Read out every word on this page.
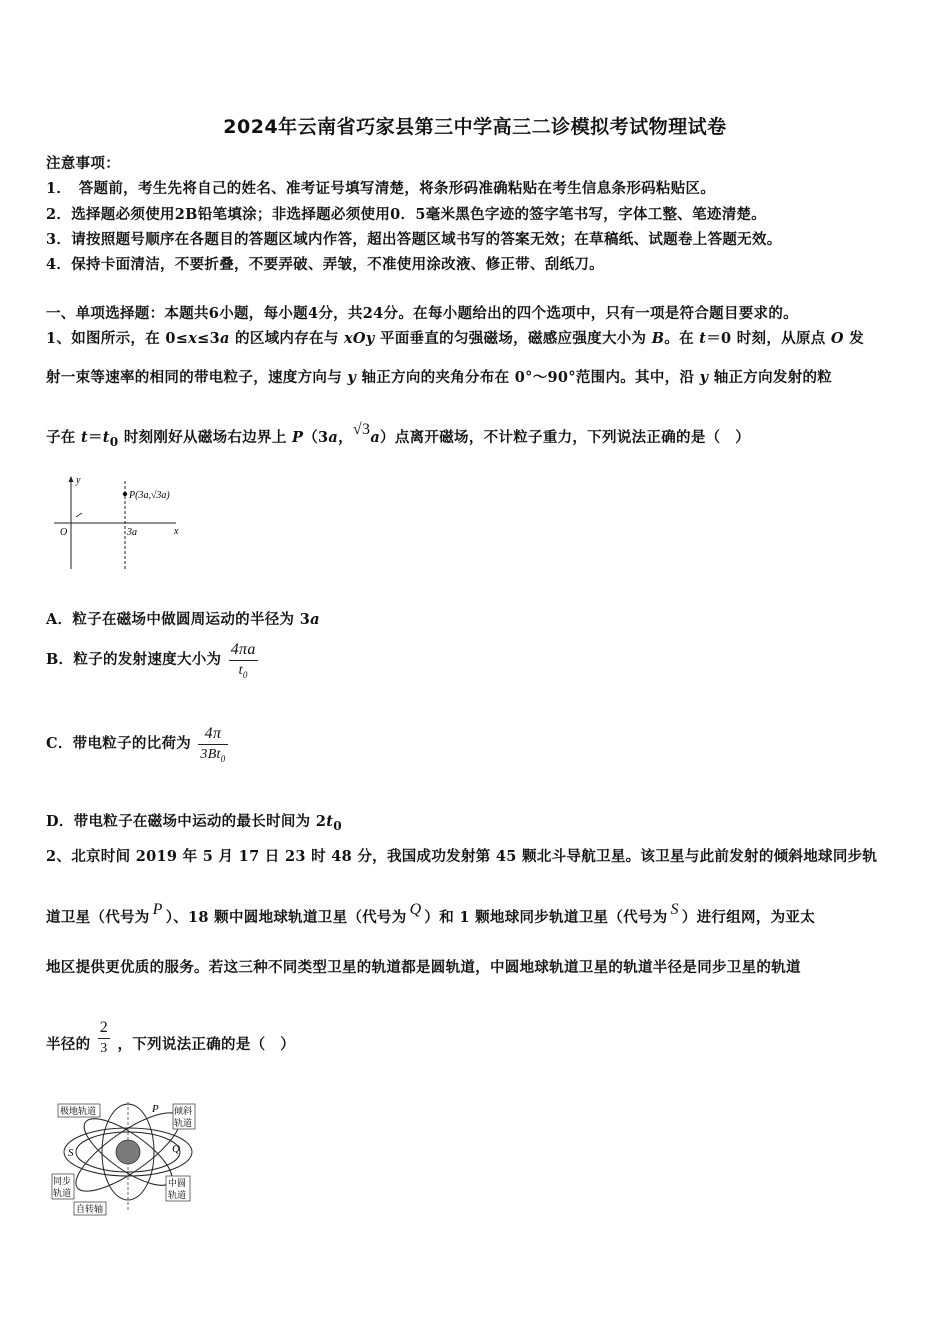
2024年云南省巧家县第三中学高三二诊模拟考试物理试卷
注意事项：
1．　答题前，考生先将自己的姓名、准考证号填写清楚，将条形码准确粘贴在考生信息条形码粘贴区。
2．选择题必须使用2B铅笔填涂；非选择题必须使用0．5毫米黑色字迹的签字笔书写，字体工整、笔迹清楚。
3．请按照题号顺序在各题目的答题区域内作答，超出答题区域书写的答案无效；在草稿纸、试题卷上答题无效。
4．保持卡面清洁，不要折叠，不要弄破、弄皱，不准使用涂改液、修正带、刮纸刀。
一、单项选择题：本题共6小题，每小题4分，共24分。在每小题给出的四个选项中，只有一项是符合题目要求的。
1、如图所示，在 0≤x≤3a 的区域内存在与 xOy 平面垂直的匀强磁场，磁感应强度大小为 B。在 t＝0 时刻，从原点 O 发
射一束等速率的相同的带电粒子，速度方向与 y 轴正方向的夹角分布在 0°～90°范围内。其中，沿 y 轴正方向发射的粒
子在 $t=t_0$ 时刻刚好从磁场右边界上 P（3a，√3a）点离开磁场，不计粒子重力，下列说法正确的是（　）
y
x
O	3a
P(3a,√3a)
A．粒子在磁场中做圆周运动的半径为 3a
B．粒子的发射速度大小为 $\frac{4\pi a}{t_0}$
C．带电粒子的比荷为 $\frac{4\pi}{3Bt_0}$
D．带电粒子在磁场中运动的最长时间为 $2t_0$
2、北京时间 2019 年 5 月 17 日 23 时 48 分，我国成功发射第 45 颗北斗导航卫星。该卫星与此前发射的倾斜地球同步轨
道卫星（代号为 P ）、18 颗中圆地球轨道卫星（代号为 Q ）和 1 颗地球同步轨道卫星（代号为 S ）进行组网，为亚太
地区提供更优质的服务。若这三种不同类型卫星的轨道都是圆轨道，中圆地球轨道卫星的轨道半径是同步卫星的轨道
半径的 $\frac{2}{3}$ ，下列说法正确的是（　）
极地轨道	倾斜
轨道
同步
轨道
中圆
轨道
自转轴
P
Q
S
